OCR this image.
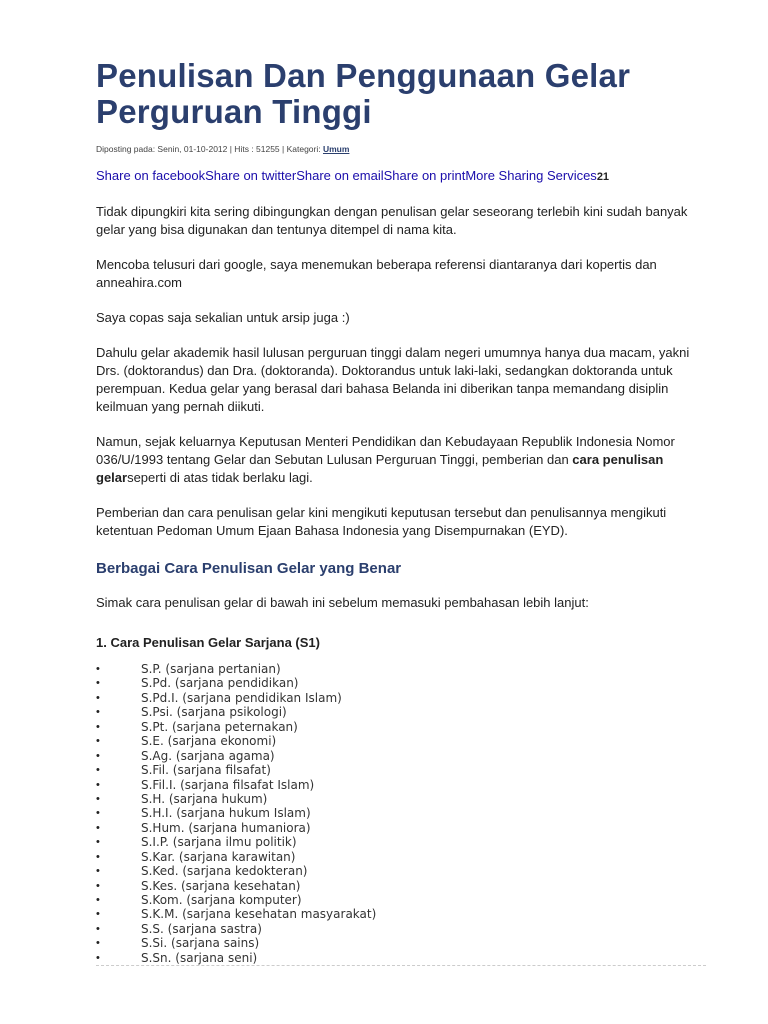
Penulisan Dan Penggunaan Gelar Perguruan Tinggi
Diposting pada: Senin, 01-10-2012 | Hits : 51255 | Kategori: Umum
Share on facebookShare on twitterShare on emailShare on printMore Sharing Services21

Tidak dipungkiri kita sering dibingungkan dengan penulisan gelar seseorang terlebih kini sudah banyak gelar yang bisa digunakan dan tentunya ditempel di nama kita.

Mencoba telusuri dari google, saya menemukan beberapa referensi diantaranya dari kopertis dan anneahira.com

Saya copas saja sekalian untuk arsip juga :)

Dahulu gelar akademik hasil lulusan perguruan tinggi dalam negeri umumnya hanya dua macam, yakni Drs. (doktorandus) dan Dra. (doktoranda). Doktorandus untuk laki-laki, sedangkan doktoranda untuk perempuan. Kedua gelar yang berasal dari bahasa Belanda ini diberikan tanpa memandang disiplin keilmuan yang pernah diikuti.

Namun, sejak keluarnya Keputusan Menteri Pendidikan dan Kebudayaan Republik Indonesia Nomor 036/U/1993 tentang Gelar dan Sebutan Lulusan Perguruan Tinggi, pemberian dan cara penulisan gelarseperti di atas tidak berlaku lagi.

Pemberian dan cara penulisan gelar kini mengikuti keputusan tersebut dan penulisannya mengikuti ketentuan Pedoman Umum Ejaan Bahasa Indonesia yang Disempurnakan (EYD).

Berbagai Cara Penulisan Gelar yang Benar

Simak cara penulisan gelar di bawah ini sebelum memasuki pembahasan lebih lanjut:

1. Cara Penulisan Gelar Sarjana (S1)

•	S.P. (sarjana pertanian)
•	S.Pd. (sarjana pendidikan)
•	S.Pd.I. (sarjana pendidikan Islam)
•	S.Psi. (sarjana psikologi)
•	S.Pt. (sarjana peternakan)
•	S.E. (sarjana ekonomi)
•	S.Ag. (sarjana agama)
•	S.Fil. (sarjana filsafat)
•	S.Fil.I. (sarjana filsafat Islam)
•	S.H. (sarjana hukum)
•	S.H.I. (sarjana hukum Islam)
•	S.Hum. (sarjana humaniora)
•	S.I.P. (sarjana ilmu politik)
•	S.Kar. (sarjana karawitan)
•	S.Ked. (sarjana kedokteran)
•	S.Kes. (sarjana kesehatan)
•	S.Kom. (sarjana komputer)
•	S.K.M. (sarjana kesehatan masyarakat)
•	S.S. (sarjana sastra)
•	S.Si. (sarjana sains)
•	S.Sn. (sarjana seni)
